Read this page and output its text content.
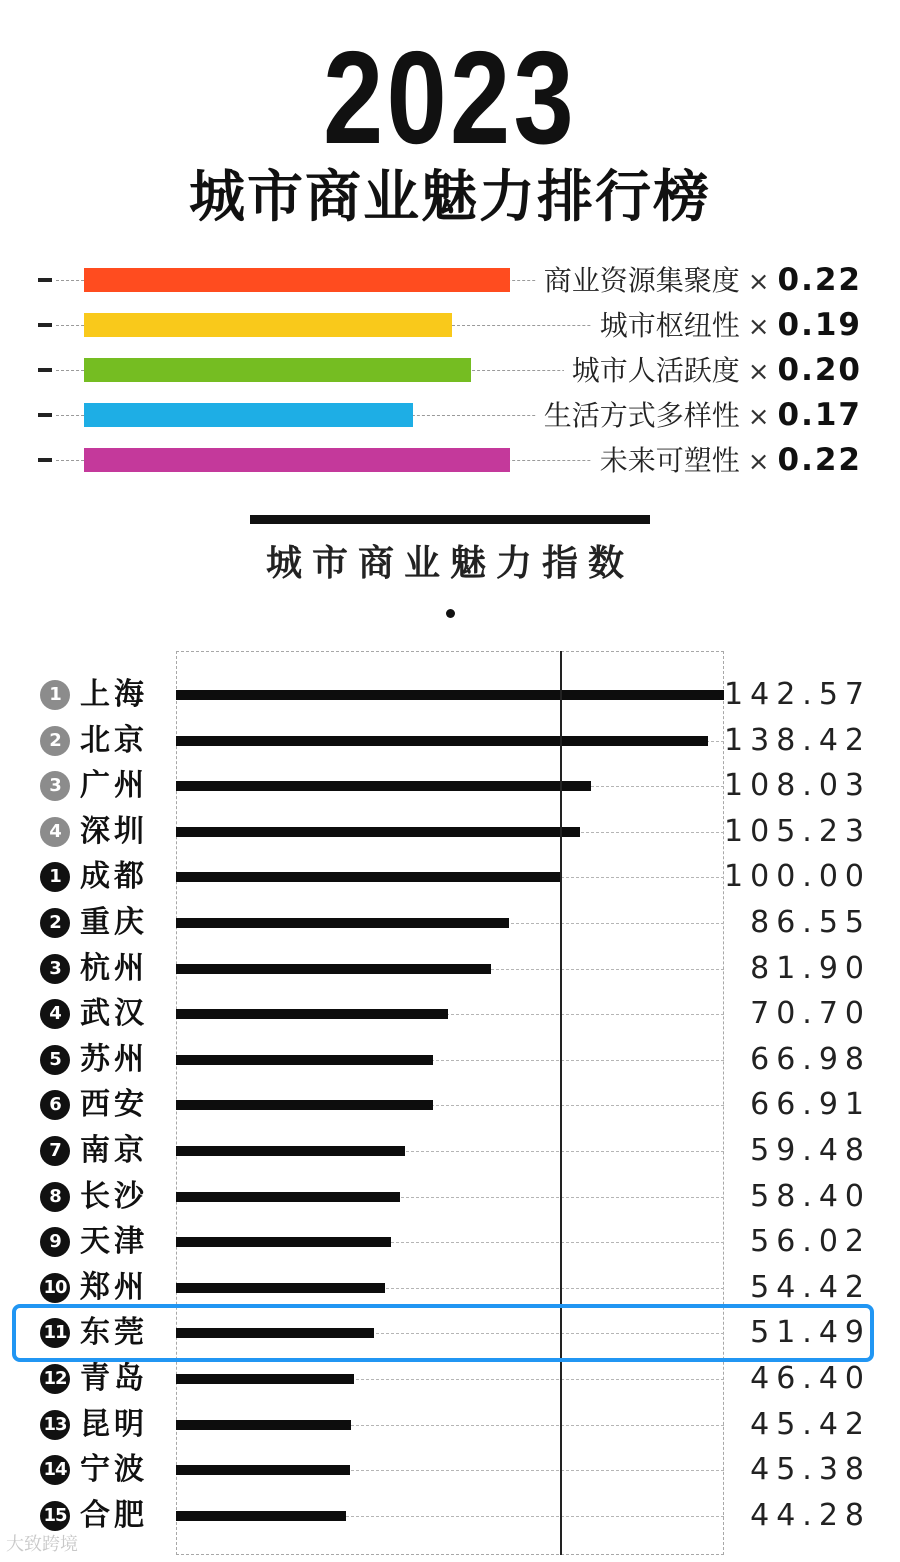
2023
城市商业魅力排行榜
商业资源集聚度 × 0.22
城市枢纽性 × 0.19
城市人活跃度 × 0.20
生活方式多样性 × 0.17
未来可塑性 × 0.22
城市商业魅力指数
1 上海	142.57
2 北京	138.42
3 广州	108.03
4 深圳	105.23
1 成都	100.00
2 重庆	86.55
3 杭州	81.90
4 武汉	70.70
5 苏州	66.98
6 西安	66.91
7 南京	59.48
8 长沙	58.40
9 天津	56.02
10 郑州	54.42
11 东莞	51.49
12 青岛	46.40
13 昆明	45.42
14 宁波	45.38
15 合肥	44.28
大致跨境
